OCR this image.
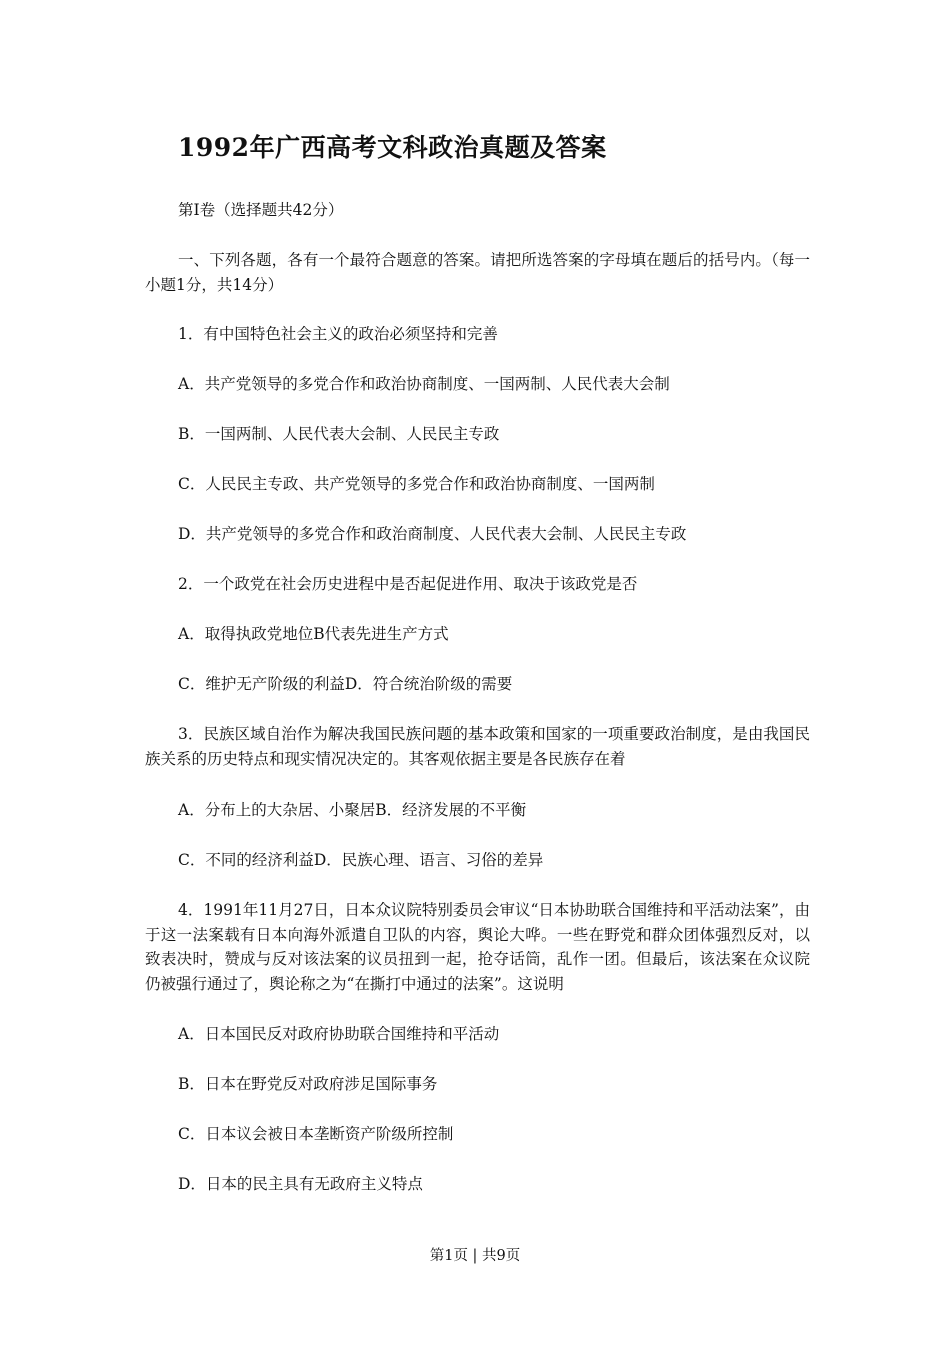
1992年广西高考文科政治真题及答案
第I卷（选择题共42分）
一、下列各题，各有一个最符合题意的答案。请把所选答案的字母填在题后的括号内。（每一小题1分，共14分）
1．有中国特色社会主义的政治必须坚持和完善
A．共产党领导的多党合作和政治协商制度、一国两制、人民代表大会制
B．一国两制、人民代表大会制、人民民主专政
C．人民民主专政、共产党领导的多党合作和政治协商制度、一国两制
D．共产党领导的多党合作和政治商制度、人民代表大会制、人民民主专政
2．一个政党在社会历史进程中是否起促进作用、取决于该政党是否
A．取得执政党地位B代表先进生产方式
C．维护无产阶级的利益D．符合统治阶级的需要
3．民族区域自治作为解决我国民族问题的基本政策和国家的一项重要政治制度，是由我国民族关系的历史特点和现实情况决定的。其客观依据主要是各民族存在着
A．分布上的大杂居、小聚居B．经济发展的不平衡
C．不同的经济利益D．民族心理、语言、习俗的差异
4．1991年11月27日，日本众议院特别委员会审议“日本协助联合国维持和平活动法案”，由于这一法案载有日本向海外派遣自卫队的内容，舆论大哗。一些在野党和群众团体强烈反对，以致表决时，赞成与反对该法案的议员扭到一起，抢夺话筒，乱作一团。但最后，该法案在众议院仍被强行通过了，舆论称之为“在撕打中通过的法案”。这说明
A．日本国民反对政府协助联合国维持和平活动
B．日本在野党反对政府涉足国际事务
C．日本议会被日本垄断资产阶级所控制
D．日本的民主具有无政府主义特点
第1页 | 共9页
